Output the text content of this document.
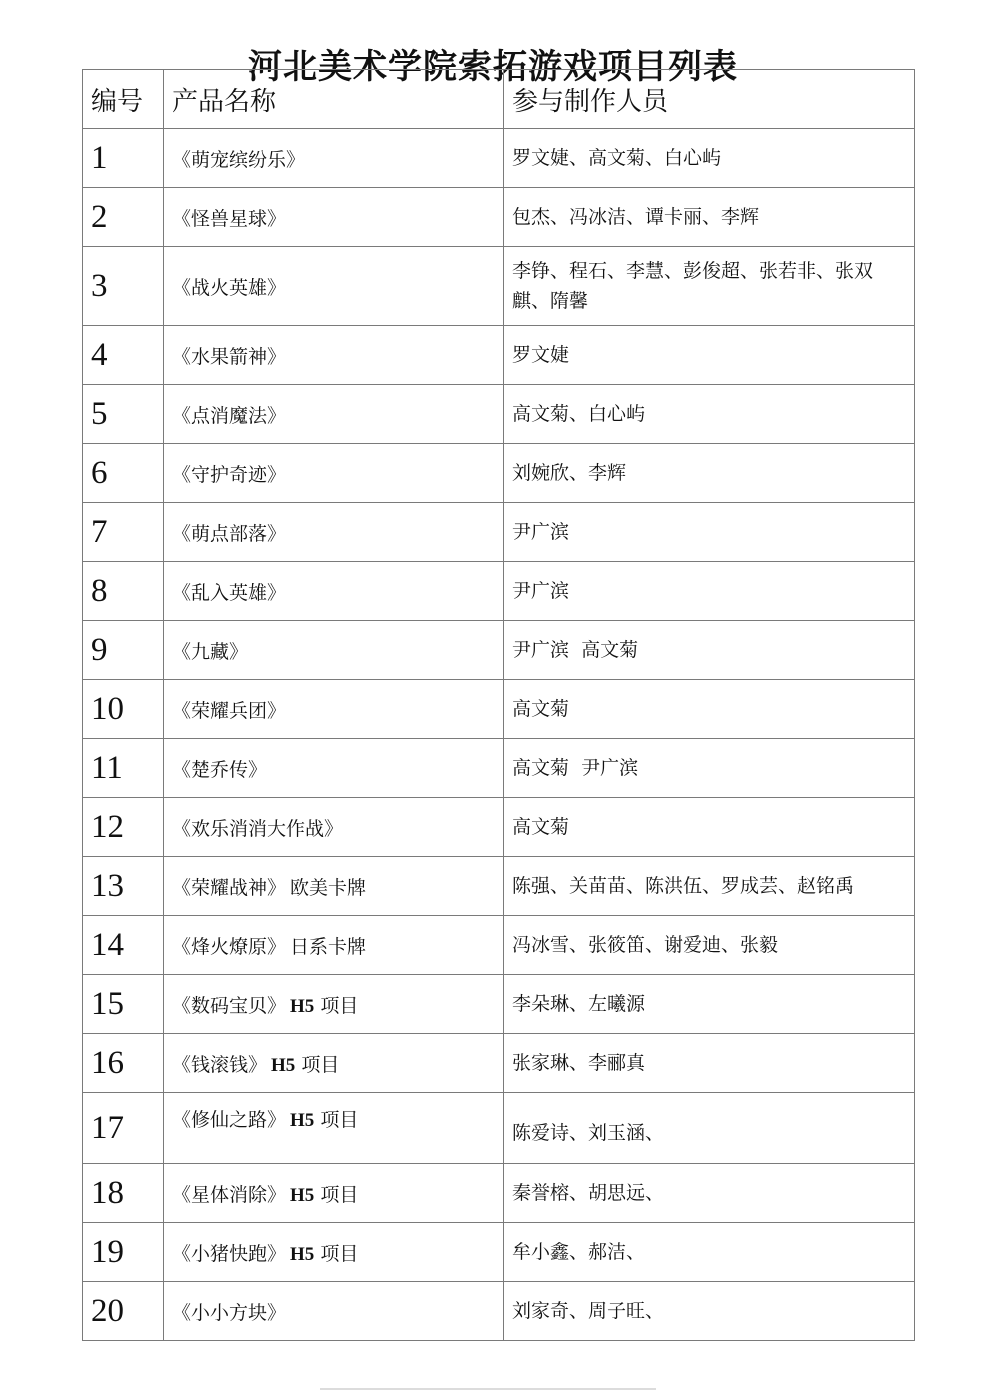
河北美术学院索拓游戏项目列表
编号	产品名称	参与制作人员
1	《萌宠缤纷乐》	罗文婕、高文菊、白心屿
2	《怪兽星球》	包杰、冯冰洁、谭卡丽、李辉
3	《战火英雄》	李铮、程石、李慧、彭俊超、张若非、张双麒、隋馨
4	《水果箭神》	罗文婕
5	《点消魔法》	高文菊、白心屿
6	《守护奇迹》	刘婉欣、李辉
7	《萌点部落》	尹广滨
8	《乱入英雄》	尹广滨
9	《九藏》	尹广滨  高文菊
10	《荣耀兵团》	高文菊
11	《楚乔传》	高文菊  尹广滨
12	《欢乐消消大作战》	高文菊
13	《荣耀战神》 欧美卡牌	陈强、关苗苗、陈洪伍、罗成芸、赵铭禹
14	《烽火燎原》 日系卡牌	冯冰雪、张筱笛、谢爱迪、张毅
15	《数码宝贝》 H5 项目	李朵琳、左曦源
16	《钱滚钱》 H5 项目	张家琳、李郦真
17	《修仙之路》 H5 项目	陈爱诗、刘玉涵、
18	《星体消除》 H5 项目	秦誉榕、胡思远、
19	《小猪快跑》 H5 项目	牟小鑫、郝洁、
20	《小小方块》	刘家奇、周子旺、
